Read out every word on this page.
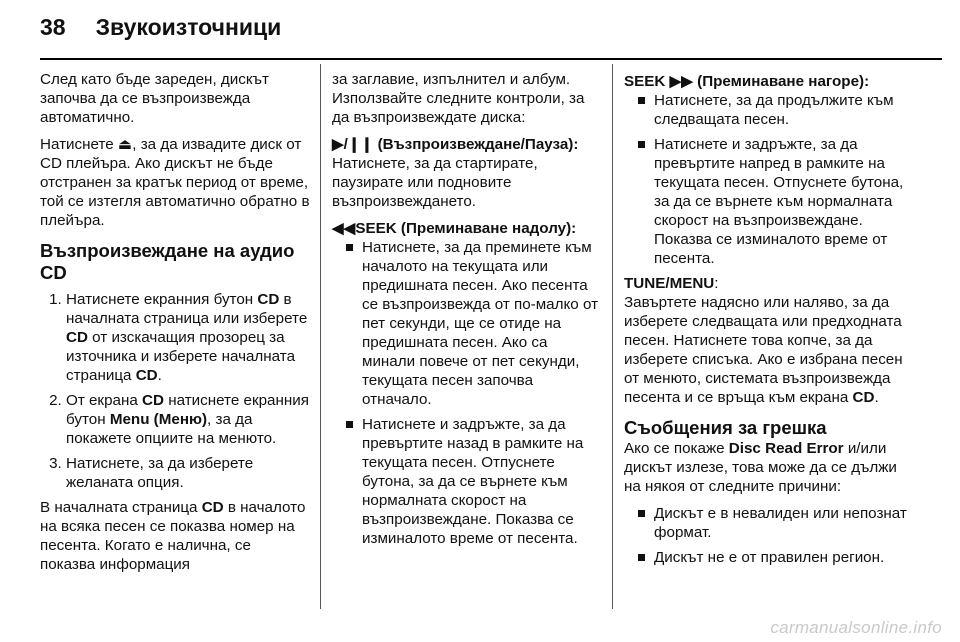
38 Звукоизточници

След като бъде зареден, дискът започва да се възпроизвежда автоматично.

Натиснете ⏏, за да извадите диск от CD плейъра. Ако дискът не бъде отстранен за кратък период от време, той се изтегля автоматично обратно в плейъра.

Възпроизвеждане на аудио CD
1. Натиснете екранния бутон CD в началната страница или изберете CD от изскачащия прозорец за източника и изберете началната страница CD.
2. От екрана CD натиснете екранния бутон Menu (Меню), за да покажете опциите на менюто.
3. Натиснете, за да изберете желаната опция.

В началната страница CD в началото на всяка песен се показва номер на песента. Когато е налична, се показва информация

за заглавие, изпълнител и албум. Използвайте следните контроли, за да възпроизвеждате диска:

▶/❙❙ (Възпроизвеждане/Пауза):

Натиснете, за да стартирате, паузирате или подновите възпроизвеждането.

◀◀SEEK (Преминаване надолу):
Натиснете, за да преминете към началото на текущата или предишната песен. Ако песента се възпроизвежда от по-малко от пет секунди, ще се отиде на предишната песен. Ако са минали повече от пет секунди, текущата песен започва отначало.
Натиснете и задръжте, за да превъртите назад в рамките на текущата песен. Отпуснете бутона, за да се върнете към нормалната скорост на възпроизвеждане. Показва се изминалото време от песента.
SEEK ▶▶ (Преминаване нагоре):
Натиснете, за да продължите към следващата песен.
Натиснете и задръжте, за да превъртите напред в рамките на текущата песен. Отпуснете бутона, за да се върнете към нормалната скорост на възпроизвеждане. Показва се изминалото време от песента.
TUNE/MENU:

Завъртете надясно или наляво, за да изберете следващата или предходната песен. Натиснете това копче, за да изберете списъка. Ако е избрана песен от менюто, системата възпроизвежда песента и се връща към екрана CD.

Съобщения за грешка

Ако се покаже Disc Read Error и/или дискът излезе, това може да се дължи на някоя от следните причини:

Дискът е в невалиден или непознат формат.
Дискът не е от правилен регион.
carmanualsonline.info
